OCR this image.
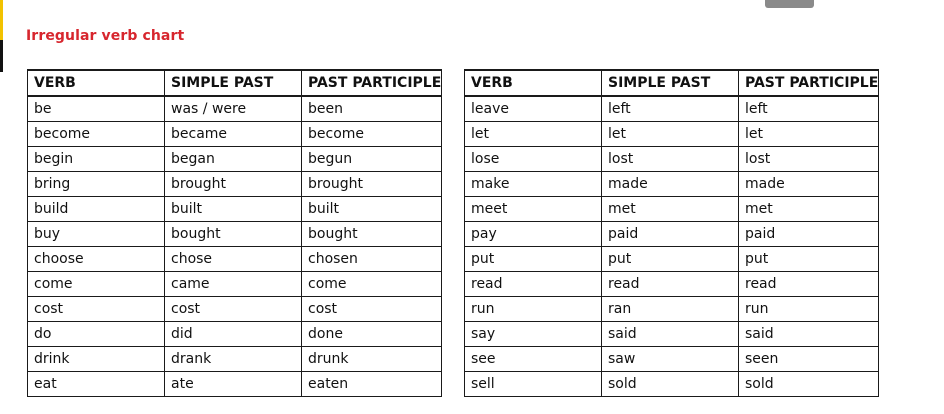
Irregular verb chart
VERB	SIMPLE PAST	PAST PARTICIPLE
be	was / were	been
become	became	become
begin	began	begun
bring	brought	brought
build	built	built
buy	bought	bought
choose	chose	chosen
come	came	come
cost	cost	cost
do	did	done
drink	drank	drunk
eat	ate	eaten
VERB	SIMPLE PAST	PAST PARTICIPLE
leave	left	left
let	let	let
lose	lost	lost
make	made	made
meet	met	met
pay	paid	paid
put	put	put
read	read	read
run	ran	run
say	said	said
see	saw	seen
sell	sold	sold
